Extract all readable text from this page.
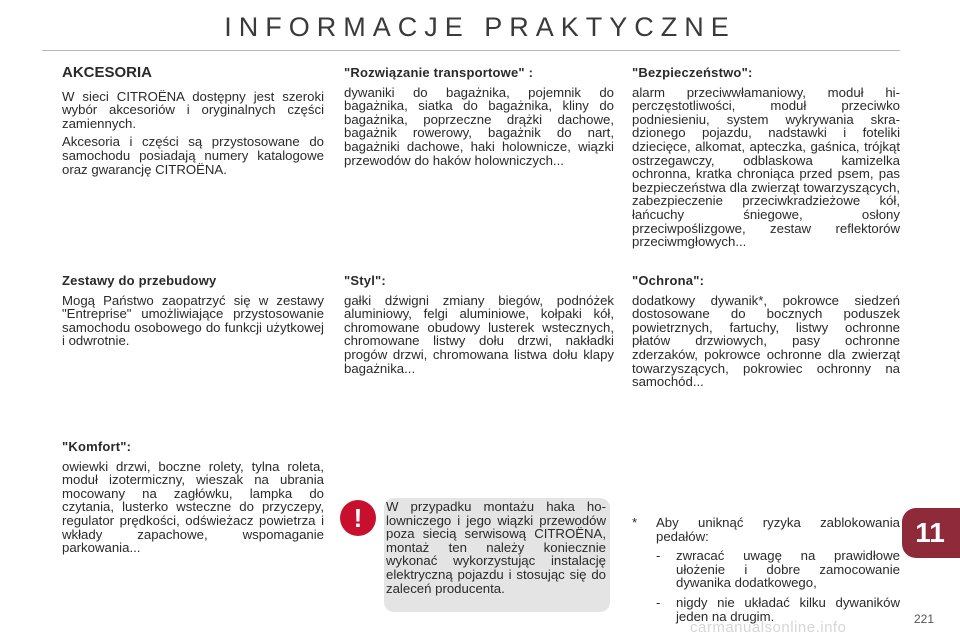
INFORMACJE PRAKTYCZNE
AKCESORIA

W sieci CITROËNA dostępny jest szeroki wybór akcesoriów i oryginalnych części zamiennych.

Akcesoria i części są przystosowane do samochodu posiadają numery katalogowe oraz gwarancję CITROËNA.

Zestawy do przebudowy

Mogą Państwo zaopatrzyć się w zestawy "Entreprise" umożliwiające przystosowanie samochodu osobowego do funkcji użytkowej i odwrotnie.

"Komfort":

owiewki drzwi, boczne rolety, tylna roleta, moduł izotermiczny, wieszak na ubrania mocowany na zagłówku, lampka do czytania, lusterko wsteczne do przyczepy, regulator prędkości, odświeżacz powietrza i wkłady zapachowe, wspomaganie parkowania...

"Rozwiązanie transportowe" :

dywaniki do bagażnika, pojemnik do bagażnika, siatka do bagażnika, kliny do bagażnika, poprzeczne drążki dachowe, bagażnik rowerowy, bagażnik do nart, bagażniki dachowe, haki holownicze, wiązki przewodów do haków holowniczych...

"Styl":

gałki dźwigni zmiany biegów, podnóżek aluminiowy, felgi aluminiowe, kołpaki kół, chromowane obudowy lusterek wstecznych, chromowane listwy dołu drzwi, nakładki progów drzwi, chromowana listwa dołu klapy bagażnika...

!	W przypadku montażu haka holowniczego i jego wiązki przewodów poza siecią serwisową CITROËNA, montaż ten należy koniecznie wykonać wykorzystując instalację elektryczną pojazdu i stosując się do zaleceń producenta.
"Bezpieczeństwo":

alarm przeciwwłamaniowy, moduł hiperczęstotliwości, moduł przeciwko podniesieniu, system wykrywania skradzionego pojazdu, nadstawki i foteliki dziecięce, alkomat, apteczka, gaśnica, trójkąt ostrzegawczy, odblaskowa kamizelka ochronna, kratka chroniąca przed psem, pas bezpieczeństwa dla zwierząt towarzyszących, zabezpieczenie przeciwkradzieżowe kół, łańcuchy śniegowe, osłony przeciwpoślizgowe, zestaw reflektorów przeciwmgłowych...

"Ochrona":

dodatkowy dywanik*, pokrowce siedzeń dostosowane do bocznych poduszek powietrznych, fartuchy, listwy ochronne płatów drzwiowych, pasy ochronne zderzaków, pokrowce ochronne dla zwierząt towarzyszących, pokrowiec ochronny na samochód...

*	Aby uniknąć ryzyka zablokowania pedałów:
-	zwracać uwagę na prawidłowe ułożenie i dobre zamocowanie dywanika dodatkowego,
-	nigdy nie układać kilku dywaników jeden na drugim.
11
221
carmanualsonline.info
